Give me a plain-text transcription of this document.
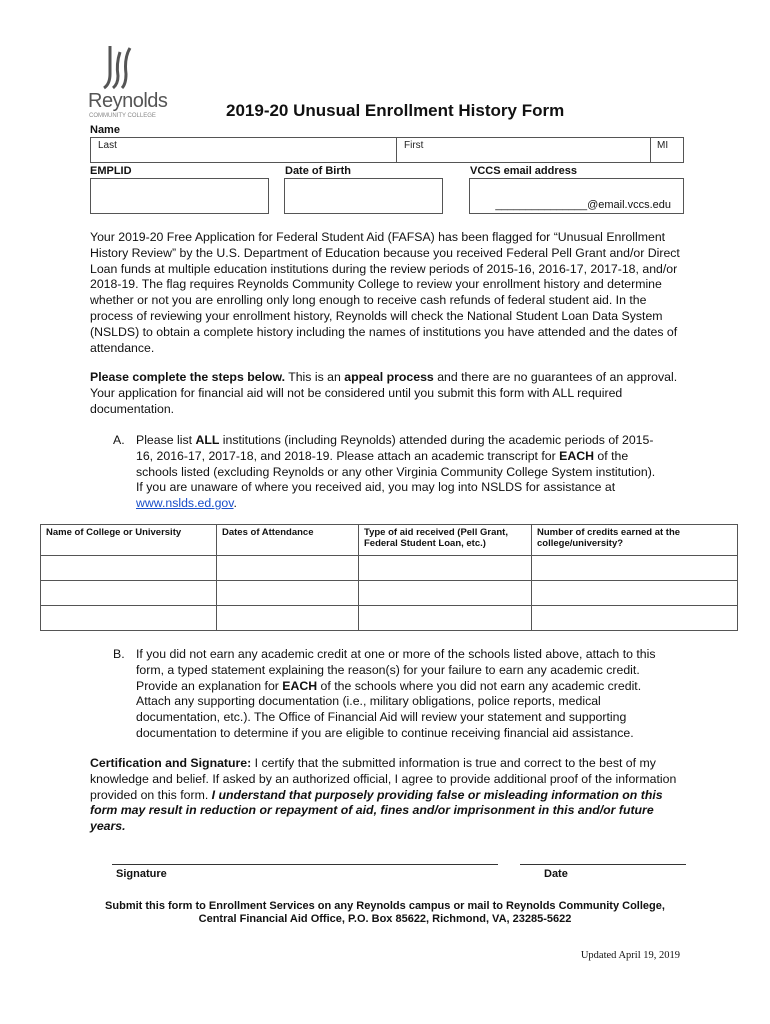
Reynolds
COMMUNITY COLLEGE	2019-20 Unusual Enrollment History Form
Name
Last	First	MI
EMPLID	Date of Birth	VCCS email address
_______________@email.vccs.edu
Your 2019-20 Free Application for Federal Student Aid (FAFSA) has been flagged for “Unusual Enrollment History Review” by the U.S. Department of Education because you received Federal Pell Grant and/or Direct Loan funds at multiple education institutions during the review periods of 2015-16, 2016-17, 2017-18, and/or 2018-19. The flag requires Reynolds Community College to review your enrollment history and determine whether or not you are enrolling only long enough to receive cash refunds of federal student aid. In the process of reviewing your enrollment history, Reynolds will check the National Student Loan Data System (NSLDS) to obtain a complete history including the names of institutions you have attended and the dates of attendance.
Please complete the steps below. This is an appeal process and there are no guarantees of an approval. Your application for financial aid will not be considered until you submit this form with ALL required documentation.
A. Please list ALL institutions (including Reynolds) attended during the academic periods of 2015-16, 2016-17, 2017-18, and 2018-19. Please attach an academic transcript for EACH of the schools listed (excluding Reynolds or any other Virginia Community College System institution). If you are unaware of where you received aid, you may log into NSLDS for assistance at www.nslds.ed.gov.
Name of College or University	Dates of Attendance	Type of aid received (Pell Grant, Federal Student Loan, etc.)	Number of credits earned at the college/university?

B. If you did not earn any academic credit at one or more of the schools listed above, attach to this form, a typed statement explaining the reason(s) for your failure to earn any academic credit. Provide an explanation for EACH of the schools where you did not earn any academic credit. Attach any supporting documentation (i.e., military obligations, police reports, medical documentation, etc.). The Office of Financial Aid will review your statement and supporting documentation to determine if you are eligible to continue receiving financial aid assistance.
Certification and Signature: I certify that the submitted information is true and correct to the best of my knowledge and belief. If asked by an authorized official, I agree to provide additional proof of the information provided on this form. I understand that purposely providing false or misleading information on this form may result in reduction or repayment of aid, fines and/or imprisonment in this and/or future years.
Signature	Date
Submit this form to Enrollment Services on any Reynolds campus or mail to Reynolds Community College,
Central Financial Aid Office, P.O. Box 85622, Richmond, VA, 23285-5622
Updated April 19, 2019
